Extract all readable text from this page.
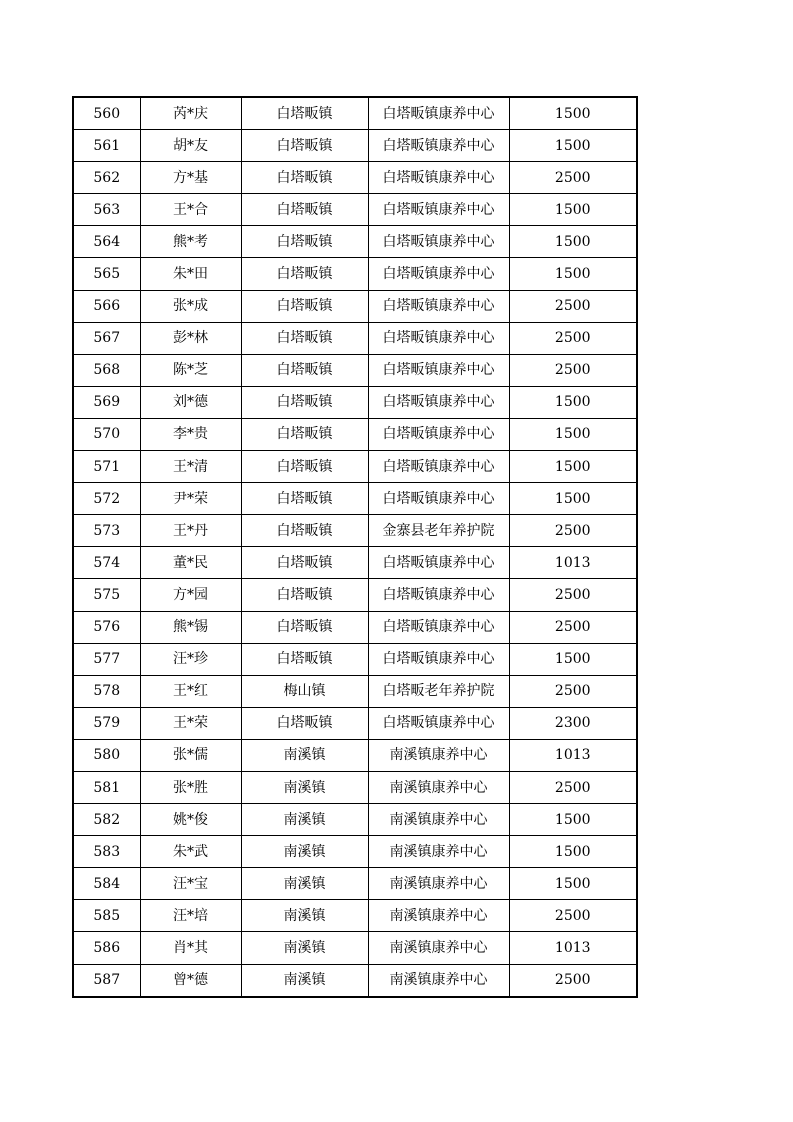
560	芮*庆	白塔畈镇	白塔畈镇康养中心	1500
561	胡*友	白塔畈镇	白塔畈镇康养中心	1500
562	方*基	白塔畈镇	白塔畈镇康养中心	2500
563	王*合	白塔畈镇	白塔畈镇康养中心	1500
564	熊*考	白塔畈镇	白塔畈镇康养中心	1500
565	朱*田	白塔畈镇	白塔畈镇康养中心	1500
566	张*成	白塔畈镇	白塔畈镇康养中心	2500
567	彭*林	白塔畈镇	白塔畈镇康养中心	2500
568	陈*芝	白塔畈镇	白塔畈镇康养中心	2500
569	刘*德	白塔畈镇	白塔畈镇康养中心	1500
570	李*贵	白塔畈镇	白塔畈镇康养中心	1500
571	王*清	白塔畈镇	白塔畈镇康养中心	1500
572	尹*荣	白塔畈镇	白塔畈镇康养中心	1500
573	王*丹	白塔畈镇	金寨县老年养护院	2500
574	董*民	白塔畈镇	白塔畈镇康养中心	1013
575	方*园	白塔畈镇	白塔畈镇康养中心	2500
576	熊*锡	白塔畈镇	白塔畈镇康养中心	2500
577	汪*珍	白塔畈镇	白塔畈镇康养中心	1500
578	王*红	梅山镇	白塔畈老年养护院	2500
579	王*荣	白塔畈镇	白塔畈镇康养中心	2300
580	张*儒	南溪镇	南溪镇康养中心	1013
581	张*胜	南溪镇	南溪镇康养中心	2500
582	姚*俊	南溪镇	南溪镇康养中心	1500
583	朱*武	南溪镇	南溪镇康养中心	1500
584	汪*宝	南溪镇	南溪镇康养中心	1500
585	汪*培	南溪镇	南溪镇康养中心	2500
586	肖*其	南溪镇	南溪镇康养中心	1013
587	曾*德	南溪镇	南溪镇康养中心	2500
